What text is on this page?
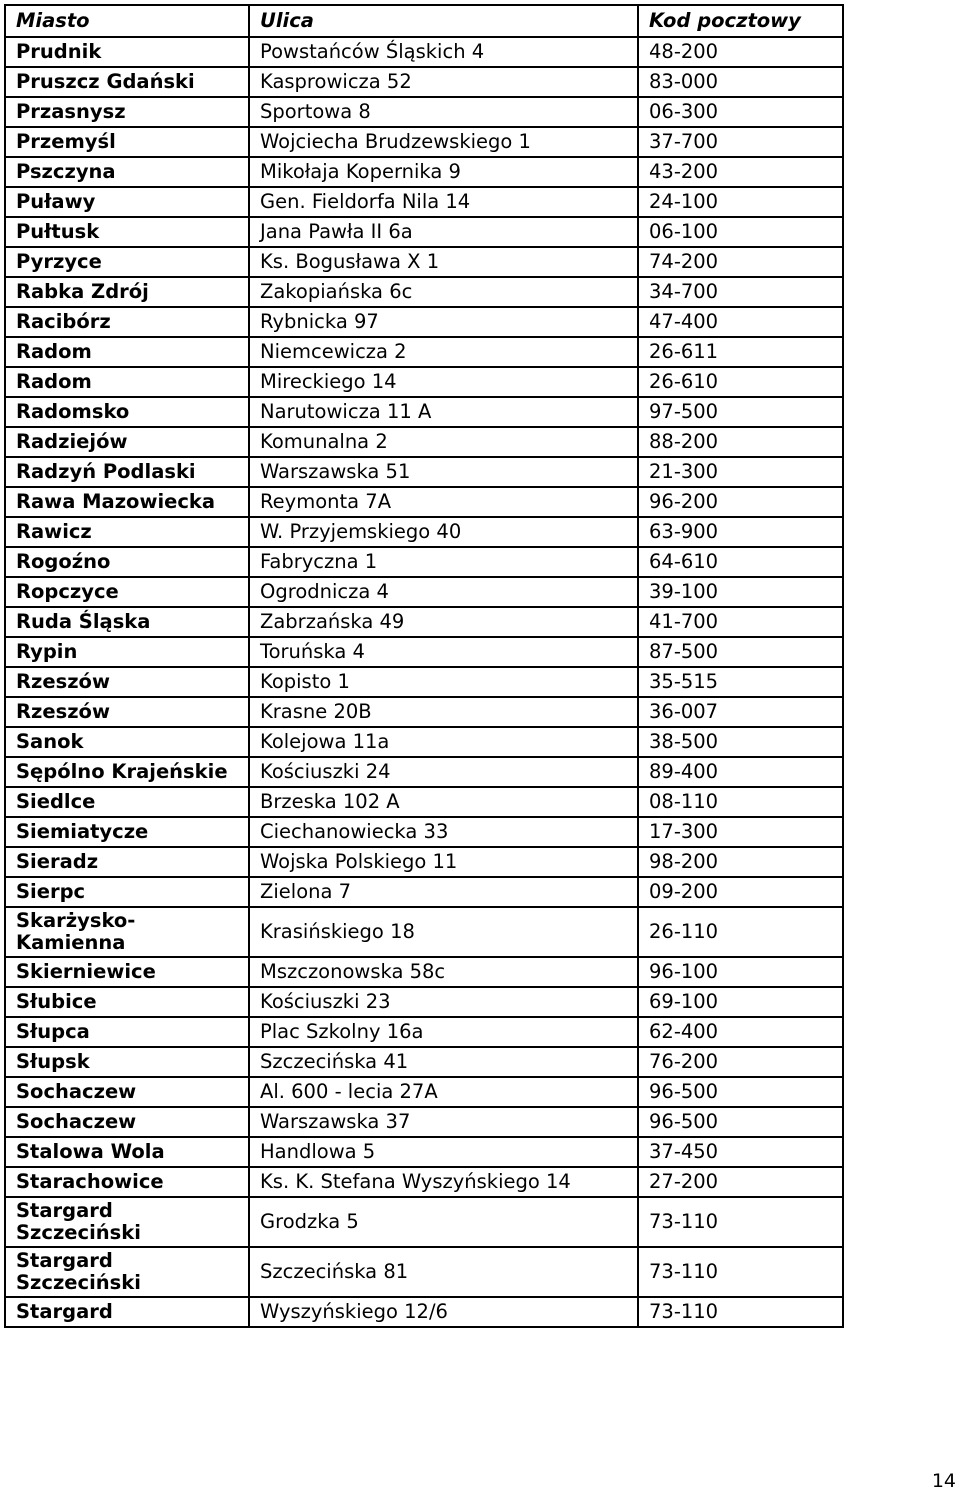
Miasto	Ulica	Kod pocztowy
Prudnik	Powstańców Śląskich 4	48-200
Pruszcz Gdański	Kasprowicza 52	83-000
Przasnysz	Sportowa 8	06-300
Przemyśl	Wojciecha Brudzewskiego 1	37-700
Pszczyna	Mikołaja Kopernika 9	43-200
Puławy	Gen. Fieldorfa Nila 14	24-100
Pułtusk	Jana Pawła II 6a	06-100
Pyrzyce	Ks. Bogusława X 1	74-200
Rabka Zdrój	Zakopiańska 6c	34-700
Racibórz	Rybnicka 97	47-400
Radom	Niemcewicza 2	26-611
Radom	Mireckiego 14	26-610
Radomsko	Narutowicza 11 A	97-500
Radziejów	Komunalna 2	88-200
Radzyń Podlaski	Warszawska 51	21-300
Rawa Mazowiecka	Reymonta 7A	96-200
Rawicz	W. Przyjemskiego 40	63-900
Rogoźno	Fabryczna 1	64-610
Ropczyce	Ogrodnicza 4	39-100
Ruda Śląska	Zabrzańska 49	41-700
Rypin	Toruńska 4	87-500
Rzeszów	Kopisto 1	35-515
Rzeszów	Krasne 20B	36-007
Sanok	Kolejowa 11a	38-500
Sępólno Krajeńskie	Kościuszki 24	89-400
Siedlce	Brzeska 102 A	08-110
Siemiatycze	Ciechanowiecka 33	17-300
Sieradz	Wojska Polskiego 11	98-200
Sierpc	Zielona 7	09-200
Skarżysko-Kamienna	Krasińskiego 18	26-110
Skierniewice	Mszczonowska 58c	96-100
Słubice	Kościuszki 23	69-100
Słupca	Plac Szkolny 16a	62-400
Słupsk	Szczecińska 41	76-200
Sochaczew	Al. 600 - lecia 27A	96-500
Sochaczew	Warszawska 37	96-500
Stalowa Wola	Handlowa 5	37-450
Starachowice	Ks. K. Stefana Wyszyńskiego 14	27-200
Stargard Szczeciński	Grodzka 5	73-110
Stargard Szczeciński	Szczecińska 81	73-110
Stargard	Wyszyńskiego 12/6	73-110
14
